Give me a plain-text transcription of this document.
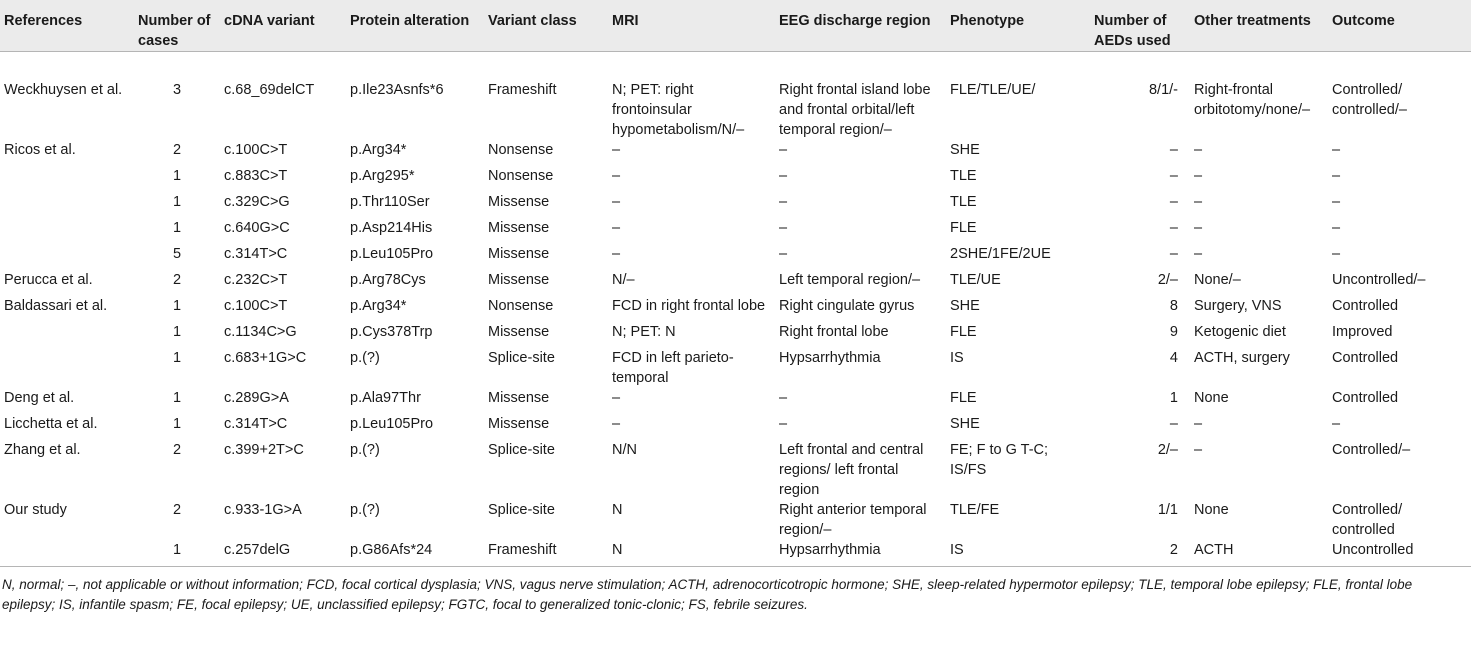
References	Number of cases	cDNA variant	Protein alteration	Variant class	MRI	EEG discharge region	Phenotype	Number of AEDs used	Other treatments	Outcome
Weckhuysen et al.	3	c.68_69delCT	p.Ile23Asnfs*6	Frameshift	N; PET: right frontoinsular hypometabolism/N/–	Right frontal island lobe and frontal orbital/left temporal region/–	FLE/TLE/UE/	8/1/-	Right-frontal orbitotomy/none/–	Controlled/ controlled/–
Ricos et al.	2	c.100C>T	p.Arg34*	Nonsense	–	–	SHE	–	–	–
	1	c.883C>T	p.Arg295*	Nonsense	–	–	TLE	–	–	–
	1	c.329C>G	p.Thr110Ser	Missense	–	–	TLE	–	–	–
	1	c.640G>C	p.Asp214His	Missense	–	–	FLE	–	–	–
	5	c.314T>C	p.Leu105Pro	Missense	–	–	2SHE/1FE/2UE	–	–	–
Perucca et al.	2	c.232C>T	p.Arg78Cys	Missense	N/–	Left temporal region/–	TLE/UE	2/–	None/–	Uncontrolled/–
Baldassari et al.	1	c.100C>T	p.Arg34*	Nonsense	FCD in right frontal lobe	Right cingulate gyrus	SHE	8	Surgery, VNS	Controlled
	1	c.1134C>G	p.Cys378Trp	Missense	N; PET: N	Right frontal lobe	FLE	9	Ketogenic diet	Improved
	1	c.683+1G>C	p.(?)	Splice-site	FCD in left parieto-temporal	Hypsarrhythmia	IS	4	ACTH, surgery	Controlled
Deng et al.	1	c.289G>A	p.Ala97Thr	Missense	–	–	FLE	1	None	Controlled
Licchetta et al.	1	c.314T>C	p.Leu105Pro	Missense	–	–	SHE	–	–	–
Zhang et al.	2	c.399+2T>C	p.(?)	Splice-site	N/N	Left frontal and central regions/ left frontal region	FE; F to G T-C; IS/FS	2/–	–	Controlled/–
Our study	2	c.933-1G>A	p.(?)	Splice-site	N	Right anterior temporal region/–	TLE/FE	1/1	None	Controlled/ controlled
	1	c.257delG	p.G86Afs*24	Frameshift	N	Hypsarrhythmia	IS	2	ACTH	Uncontrolled
N, normal; –, not applicable or without information; FCD, focal cortical dysplasia; VNS, vagus nerve stimulation; ACTH, adrenocorticotropic hormone; SHE, sleep-related hypermotor epilepsy; TLE, temporal lobe epilepsy; FLE, frontal lobe epilepsy; IS, infantile spasm; FE, focal epilepsy; UE, unclassified epilepsy; FGTC, focal to generalized tonic-clonic; FS, febrile seizures.
